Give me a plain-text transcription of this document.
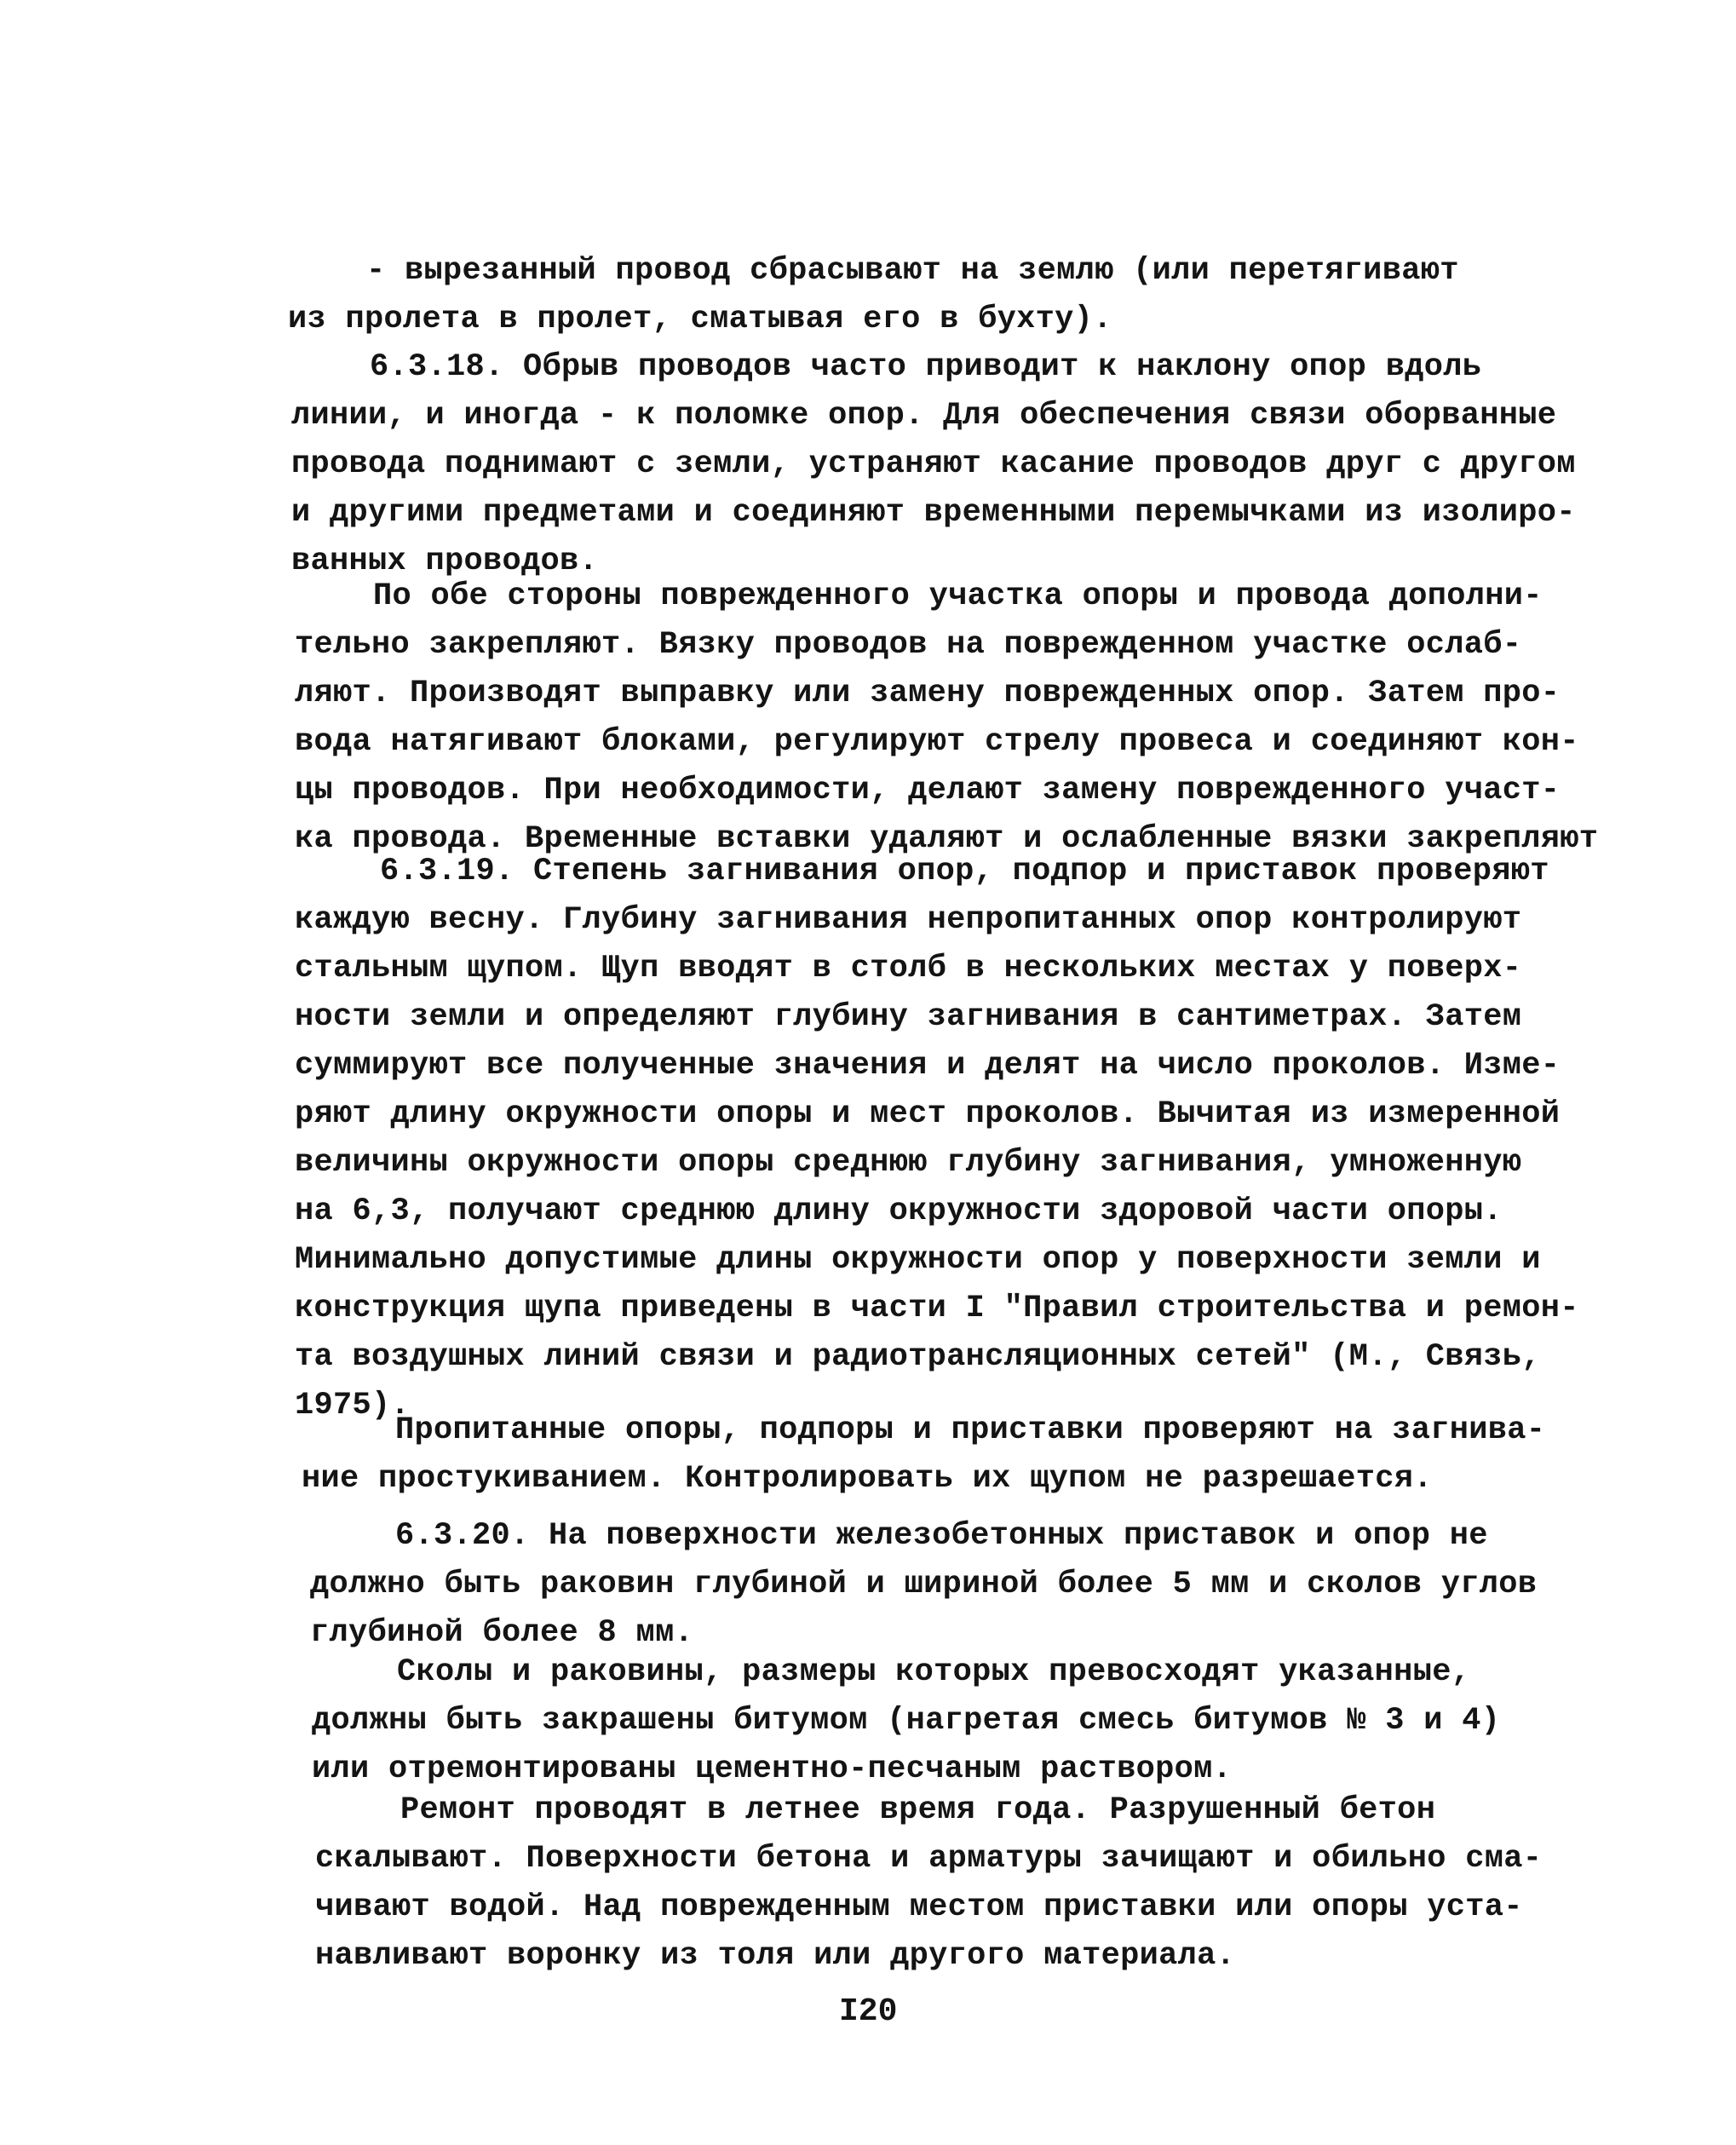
- вырезанный провод сбрасывают на землю (или перетягивают
из пролета в пролет, сматывая его в бухту).
6.3.18. Обрыв проводов часто приводит к наклону опор вдоль
линии, и иногда - к поломке опор. Для обеспечения связи оборванные
провода поднимают с земли, устраняют касание проводов друг с другом
и другими предметами и соединяют временными перемычками из изолиро-
ванных проводов.
По обе стороны поврежденного участка опоры и провода дополни-
тельно закрепляют. Вязку проводов на поврежденном участке ослаб-
ляют. Производят выправку или замену поврежденных опор. Затем про-
вода натягивают блоками, регулируют стрелу провеса и соединяют кон-
цы проводов. При необходимости, делают замену поврежденного участ-
ка провода. Временные вставки удаляют и ослабленные вязки закрепляют
6.3.19. Степень загнивания опор, подпор и приставок проверяют
каждую весну. Глубину загнивания непропитанных опор контролируют
стальным щупом. Щуп вводят в столб в нескольких местах у поверх-
ности земли и определяют глубину загнивания в сантиметрах. Затем
суммируют все полученные значения и делят на число проколов. Изме-
ряют длину окружности опоры и мест проколов. Вычитая из измеренной
величины окружности опоры среднюю глубину загнивания, умноженную
на 6,3, получают среднюю длину окружности здоровой части опоры.
Минимально допустимые длины окружности опор у поверхности земли и
конструкция щупа приведены в части I "Правил строительства и ремон-
та воздушных линий связи и радиотрансляционных сетей" (М., Связь,
1975).
Пропитанные опоры, подпоры и приставки проверяют на загнива-
ние простукиванием. Контролировать их щупом не разрешается.
6.3.20. На поверхности железобетонных приставок и опор не
должно быть раковин глубиной и шириной более 5 мм и сколов углов
глубиной более 8 мм.
Сколы и раковины, размеры которых превосходят указанные,
должны быть закрашены битумом (нагретая смесь битумов № 3 и 4)
или отремонтированы цементно-песчаным раствором.
Ремонт проводят в летнее время года. Разрушенный бетон
скалывают. Поверхности бетона и арматуры зачищают и обильно сма-
чивают водой. Над поврежденным местом приставки или опоры уста-
навливают воронку из толя или другого материала.
I20
